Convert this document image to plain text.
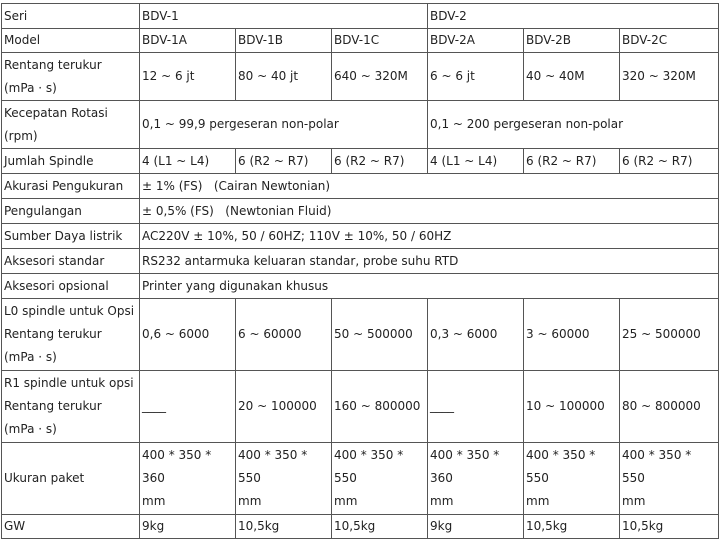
Seri	BDV-1			BDV-2		
Model	BDV-1A	BDV-1B	BDV-1C	BDV-2A	BDV-2B	BDV-2C

Rentang terukur
(mPa · s)	12 ~ 6 jt	80 ~ 40 jt	640 ~ 320M	6 ~ 6 jt	40 ~ 40M	320 ~ 320M

Kecepatan Rotasi
(rpm)	0,1 ~ 99,9 pergeseran non-polar			0,1 ~ 200 pergeseran non-polar		
Jumlah Spindle	4 (L1 ~ L4)	6 (R2 ~ R7)	6 (R2 ~ R7)	4 (L1 ~ L4)	6 (R2 ~ R7)	6 (R2 ~ R7)
Akurasi Pengukuran	± 1% (FS)   (Cairan Newtonian)					
Pengulangan	± 0,5% (FS)   (Newtonian Fluid)					
Sumber Daya listrik	AC220V ± 10%, 50 / 60HZ; 110V ± 10%, 50 / 60HZ					
Aksesori standar	RS232 antarmuka keluaran standar, probe suhu RTD					
Aksesori opsional	Printer yang digunakan khusus					

L0 spindle untuk Opsi
Rentang terukur
(mPa · s)	0,6 ~ 6000	6 ~ 60000	50 ~ 500000	0,3 ~ 6000	3 ~ 60000	25 ~ 500000

R1 spindle untuk opsi
Rentang terukur
(mPa · s)	____	20 ~ 100000	160 ~ 800000	____	10 ~ 100000	80 ~ 800000
Ukuran paket	400 * 350 *
360
mm	400 * 350 *
550
mm	400 * 350 *
550
mm	400 * 350 *
360
mm	400 * 350 *
550
mm	400 * 350 *
550
mm

GW	9kg	10,5kg	10,5kg	9kg	10,5kg	10,5kg
